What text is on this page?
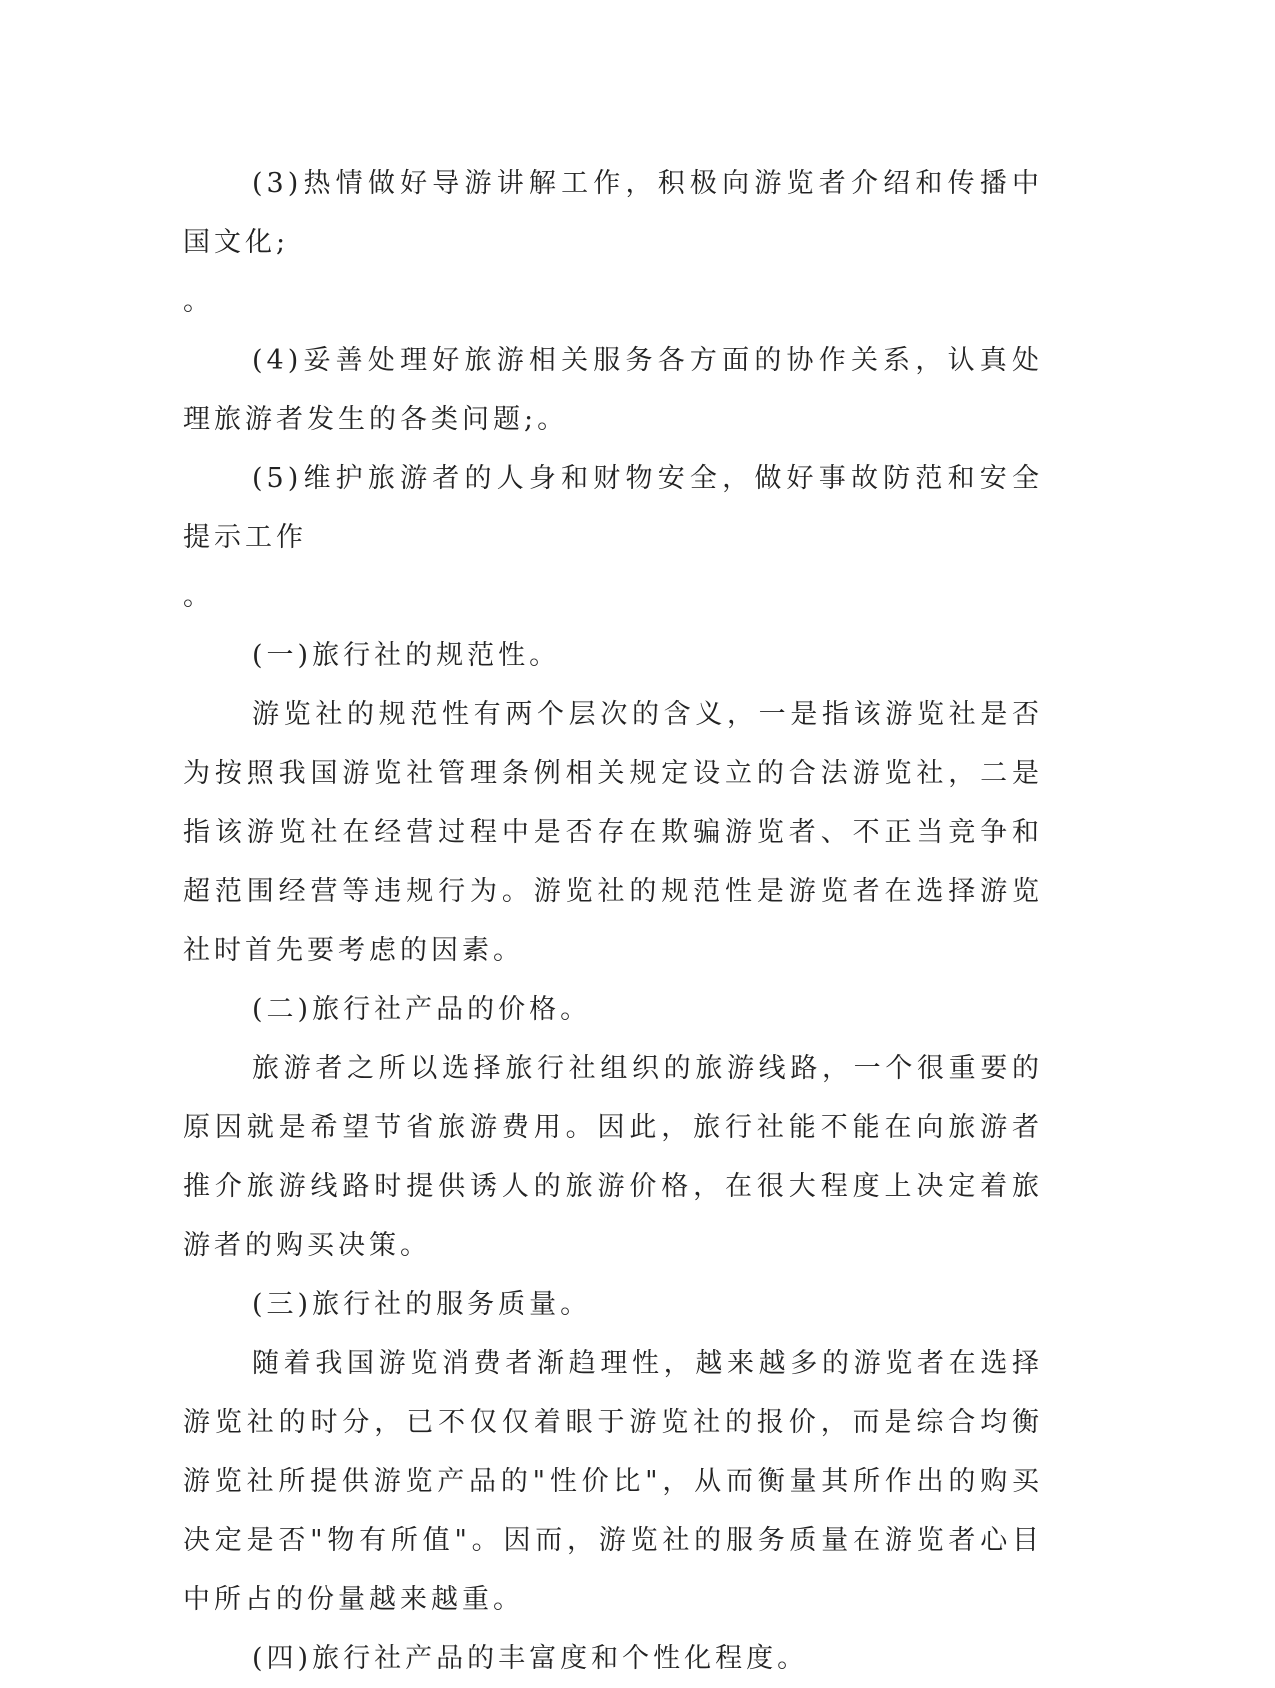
(3)热情做好导游讲解工作，积极向游览者介绍和传播中国文化;

。

(4)妥善处理好旅游相关服务各方面的协作关系，认真处理旅游者发生的各类问题;。

(5)维护旅游者的人身和财物安全，做好事故防范和安全提示工作

。

(一)旅行社的规范性。

游览社的规范性有两个层次的含义，一是指该游览社是否为按照我国游览社管理条例相关规定设立的合法游览社，二是指该游览社在经营过程中是否存在欺骗游览者、不正当竞争和超范围经营等违规行为。游览社的规范性是游览者在选择游览社时首先要考虑的因素。

(二)旅行社产品的价格。

旅游者之所以选择旅行社组织的旅游线路，一个很重要的原因就是希望节省旅游费用。因此，旅行社能不能在向旅游者推介旅游线路时提供诱人的旅游价格，在很大程度上决定着旅游者的购买决策。

(三)旅行社的服务质量。

随着我国游览消费者渐趋理性，越来越多的游览者在选择游览社的时分，已不仅仅着眼于游览社的报价，而是综合均衡游览社所提供游览产品的"性价比"，从而衡量其所作出的购买决定是否"物有所值"。因而，游览社的服务质量在游览者心目中所占的份量越来越重。

(四)旅行社产品的丰富度和个性化程度。
